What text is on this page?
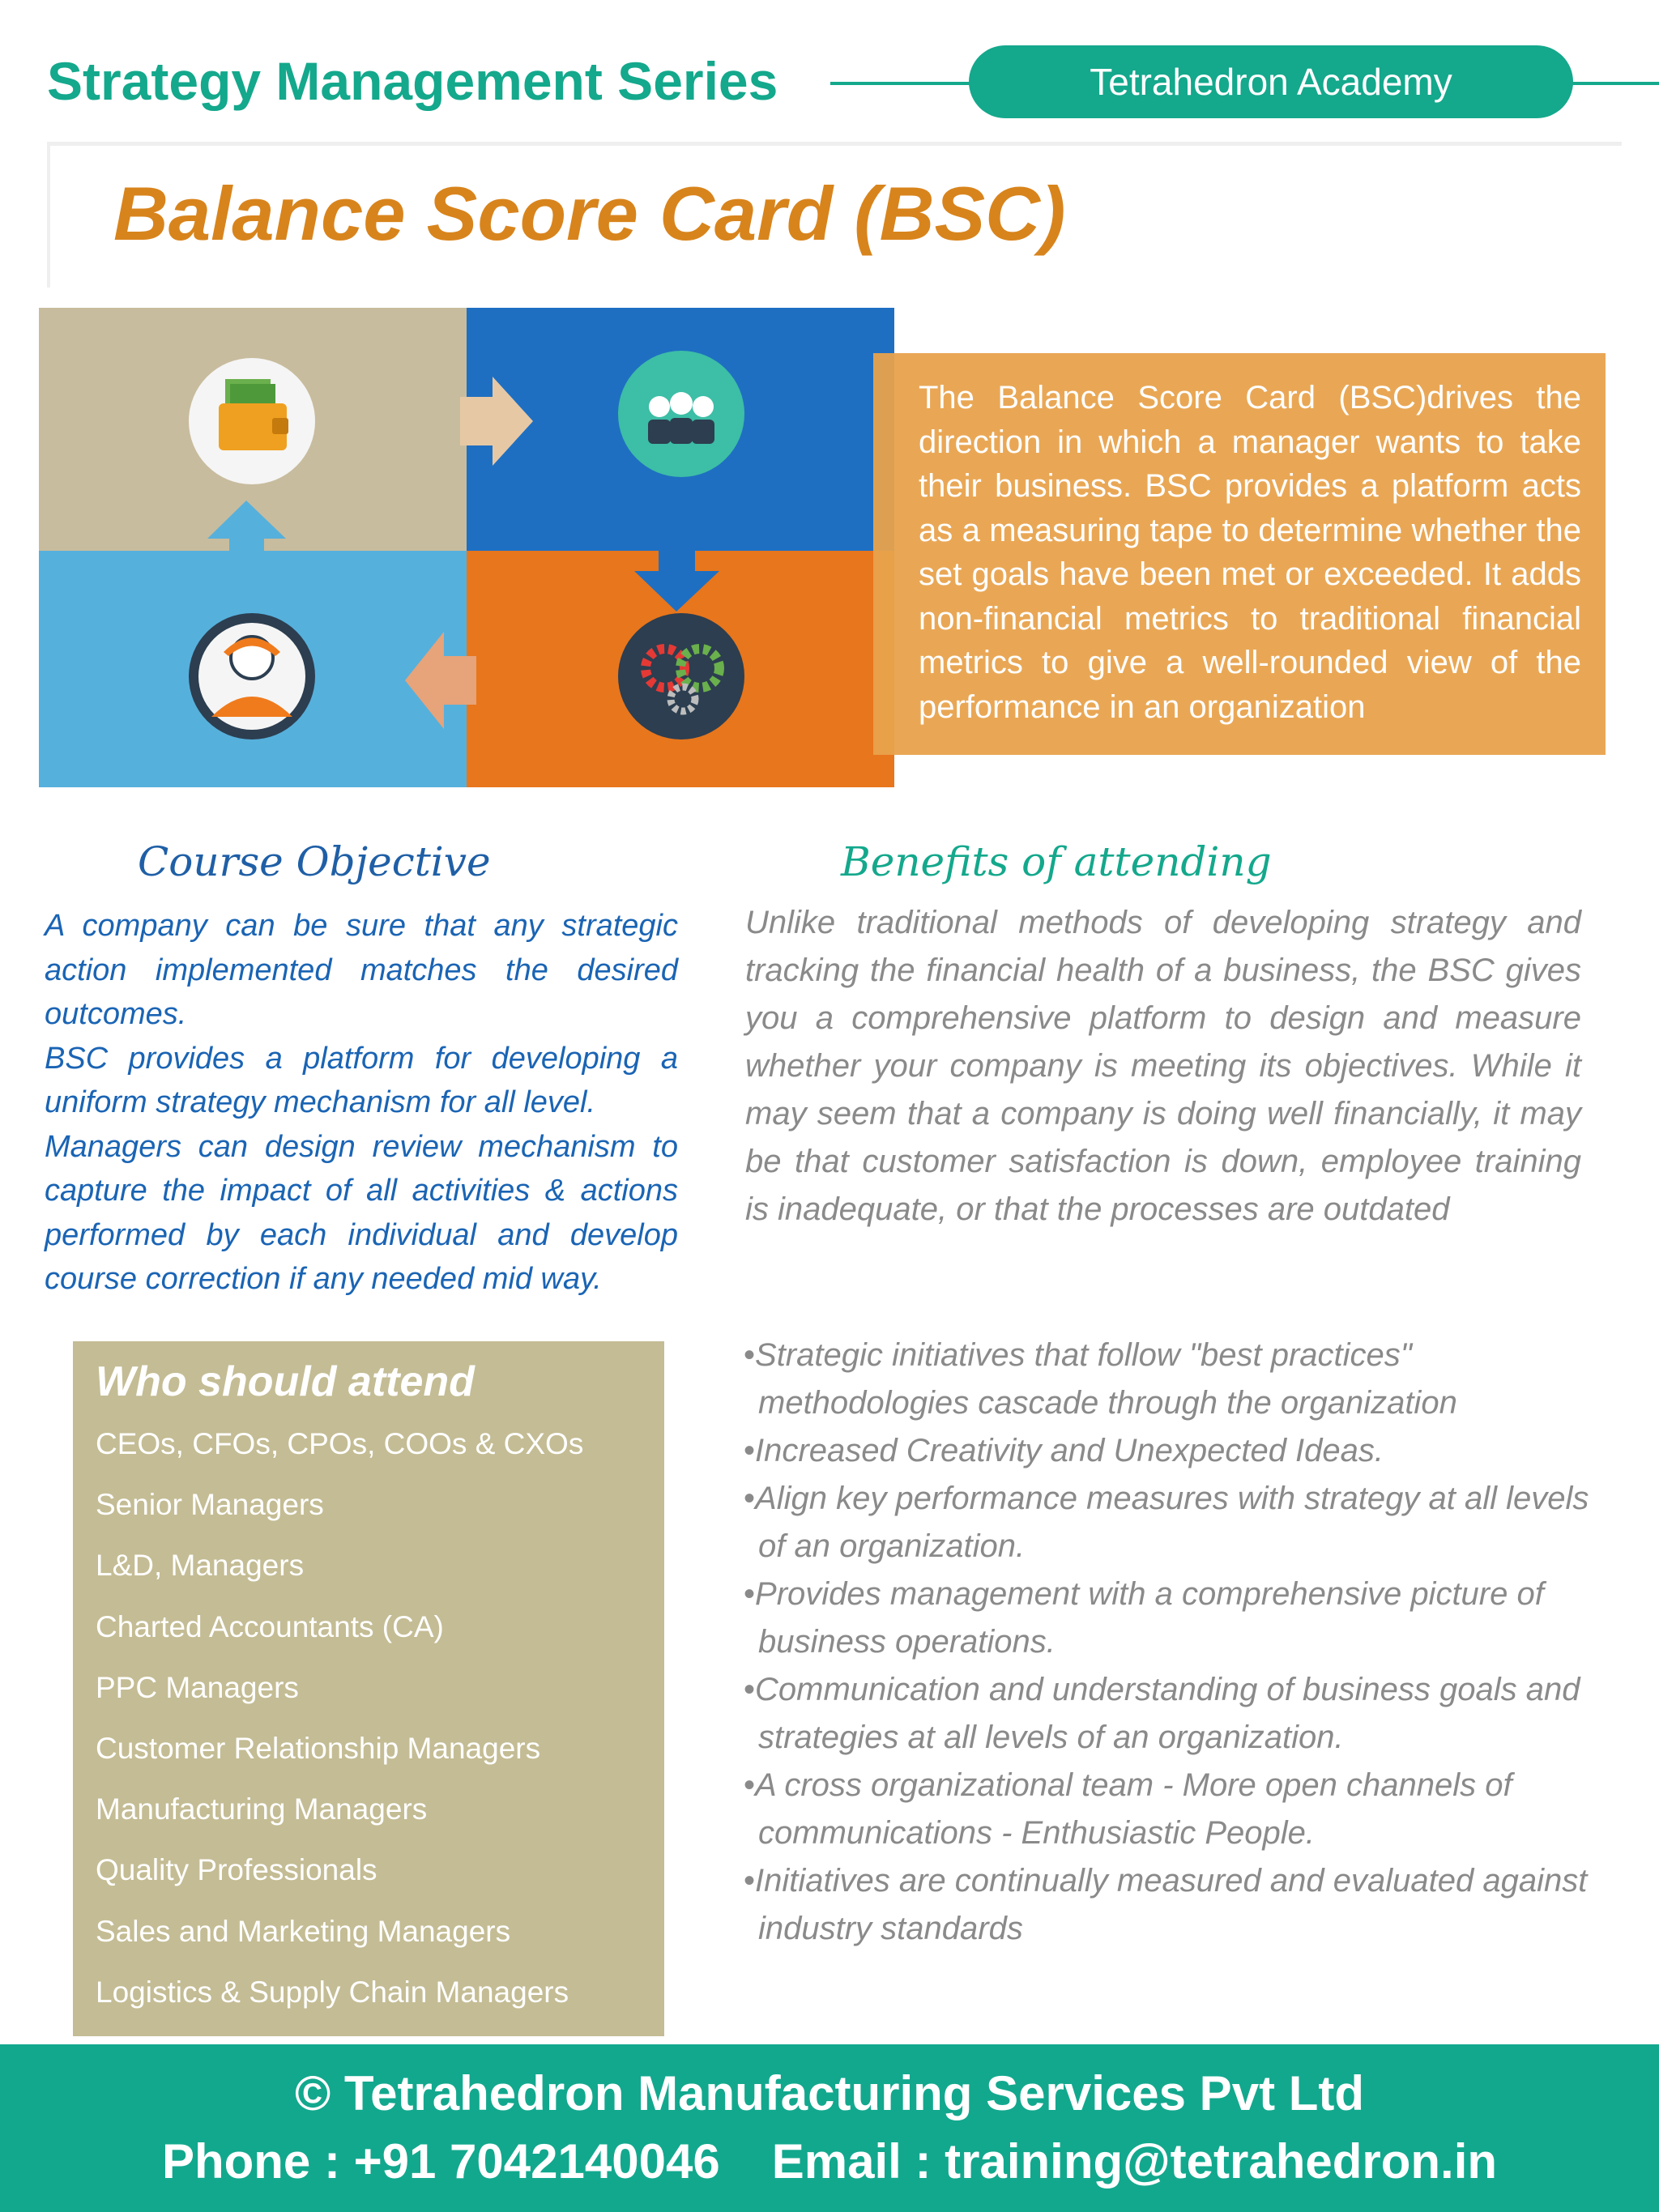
Strategy Management Series	Tetrahedron Academy
Balance Score Card (BSC)
The Balance Score Card (BSC)drives the direction in which a manager wants to take their business. BSC provides a platform acts as a measuring tape to determine whether the set goals have been met or exceeded. It adds non-financial metrics to traditional financial metrics to give a well-rounded view of the performance in an organization
Course Objective	Benefits of attending

A company can be sure that any strategic action implemented matches the desired outcomes.

BSC provides a platform for developing a uniform strategy mechanism for all level.

Managers can design review mechanism to capture the impact of all activities & actions performed by each individual and develop course correction if any needed mid way.

Unlike traditional methods of developing strategy and tracking the financial health of a business, the BSC gives you a comprehensive platform to design and measure whether your company is meeting its objectives. While it may seem that a company is doing well financially, it may be that customer satisfaction is down, employee training is inadequate, or that the processes are outdated
•Strategic initiatives that follow "best practices" methodologies cascade through the organization
•Increased Creativity and Unexpected Ideas.
•Align key performance measures with strategy at all levels of an organization.
•Provides management with a comprehensive picture of business operations.
•Communication and understanding of business goals and strategies at all levels of an organization.
•A cross organizational team - More open channels of communications - Enthusiastic People.
•Initiatives are continually measured and evaluated against industry standards
Who should attend
CEOs, CFOs, CPOs, COOs & CXOs
Senior Managers
L&D, Managers
Charted Accountants (CA)
PPC Managers
Customer Relationship Managers
Manufacturing Managers
Quality Professionals
Sales and Marketing Managers
Logistics & Supply Chain Managers
© Tetrahedron Manufacturing Services Pvt Ltd
Phone : +91 7042140046 Email : training@tetrahedron.in
